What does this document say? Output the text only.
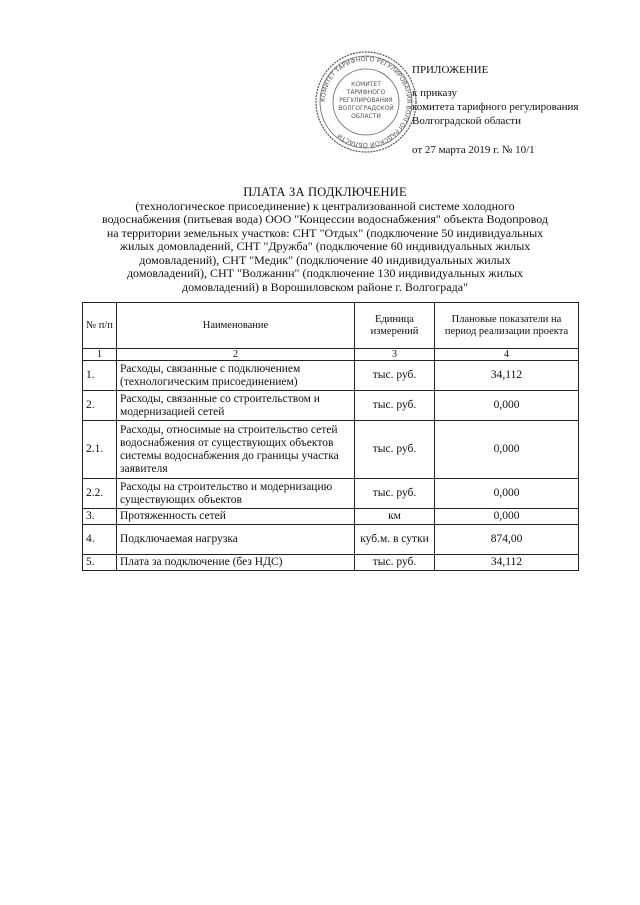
КОМИТЕТ ТАРИФНОГО РЕГУЛИРОВАНИЯ ВОЛГОГРАДСКОЙ ОБЛАСТИ
КОМИТЕТ
ТАРИФНОГО
РЕГУЛИРОВАНИЯ
ВОЛГОГРАДСКОЙ
ОБЛАСТИ
ПРИЛОЖЕНИЕ
к приказу
комитета тарифного регулирования
Волгоградской области
от 27 марта 2019 г. № 10/1
ПЛАТА ЗА ПОДКЛЮЧЕНИЕ
(технологическое присоединение) к централизованной системе холодного
водоснабжения (питьевая вода) ООО "Концессии водоснабжения" объекта Водопровод
на территории земельных участков: СНТ "Отдых" (подключение 50 индивидуальных
жилых домовладений, СНТ "Дружба" (подключение 60 индивидуальных жилых
домовладений), СНТ "Медик" (подключение 40 индивидуальных жилых
домовладений), СНТ "Волжанин" (подключение 130 индивидуальных жилых
домовладений) в Ворошиловском районе г. Волгограда"
№ п/п	Наименование	Единица измерений	Плановые показатели на период реализации проекта
1	2	3	4
1.	Расходы, связанные с подключением (технологическим присоединением)	тыс. руб.	34,112
2.	Расходы, связанные со строительством и модернизацией сетей	тыс. руб.	0,000
2.1.	Расходы, относимые на строительство сетей водоснабжения от существующих объектов системы водоснабжения до границы участка заявителя	тыс. руб.	0,000
2.2.	Расходы на строительство и модернизацию существующих объектов	тыс. руб.	0,000
3.	Протяженность сетей	км	0,000
4.	Подключаемая нагрузка	куб.м. в сутки	874,00
5.	Плата за подключение (без НДС)	тыс. руб.	34,112
